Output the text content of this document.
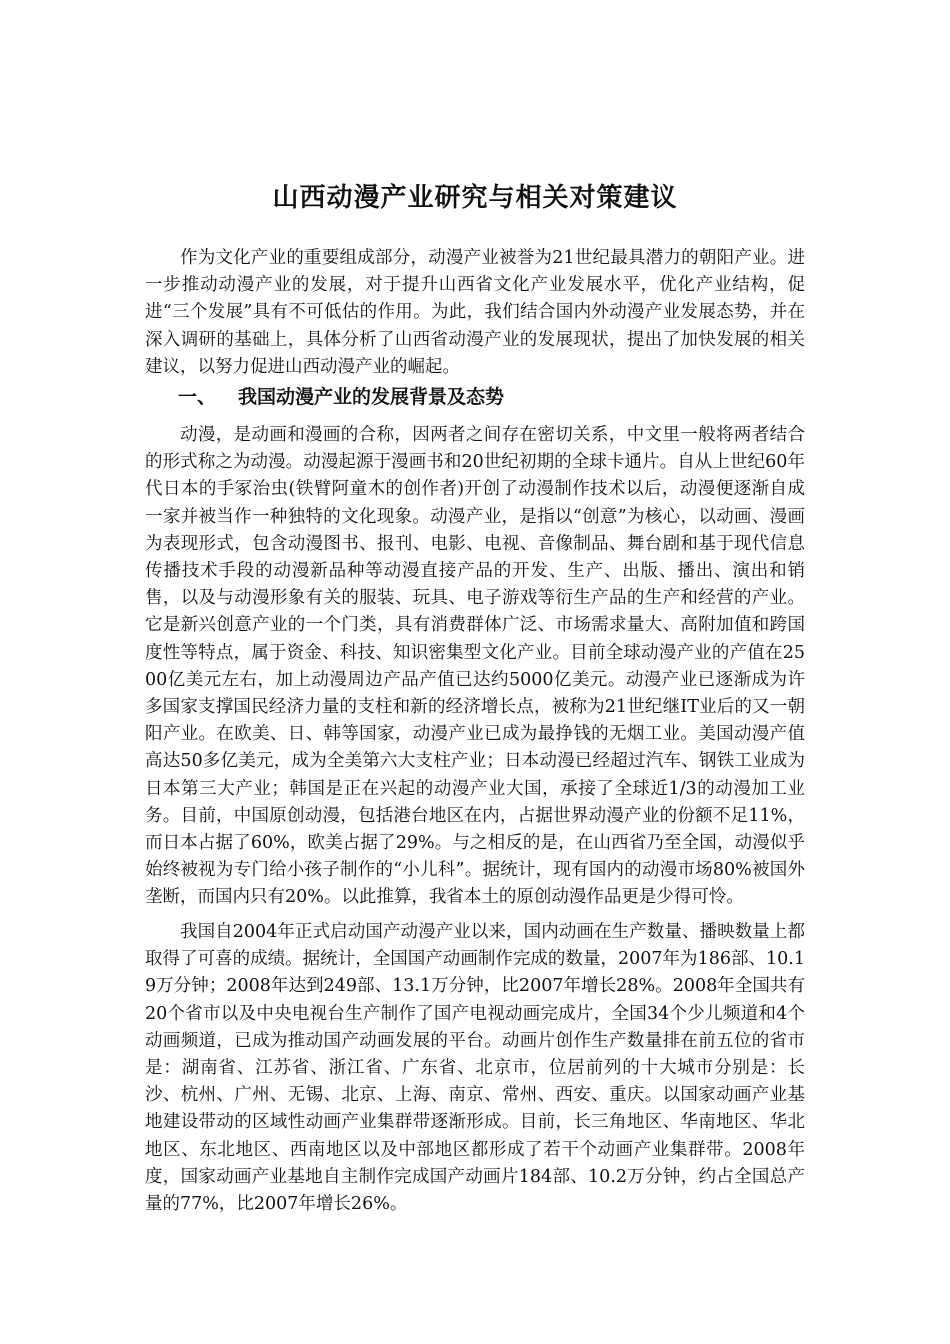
山西动漫产业研究与相关对策建议

作为文化产业的重要组成部分，动漫产业被誉为21世纪最具潜力的朝阳产业。进一步推动动漫产业的发展，对于提升山西省文化产业发展水平，优化产业结构，促进“三个发展”具有不可低估的作用。为此，我们结合国内外动漫产业发展态势，并在深入调研的基础上，具体分析了山西省动漫产业的发展现状，提出了加快发展的相关建议，以努力促进山西动漫产业的崛起。

一、 我国动漫产业的发展背景及态势

动漫，是动画和漫画的合称，因两者之间存在密切关系，中文里一般将两者结合的形式称之为动漫。动漫起源于漫画书和20世纪初期的全球卡通片。自从上世纪60年代日本的手冢治虫(铁臂阿童木的创作者)开创了动漫制作技术以后，动漫便逐渐自成一家并被当作一种独特的文化现象。动漫产业，是指以“创意”为核心，以动画、漫画为表现形式，包含动漫图书、报刊、电影、电视、音像制品、舞台剧和基于现代信息传播技术手段的动漫新品种等动漫直接产品的开发、生产、出版、播出、演出和销售，以及与动漫形象有关的服装、玩具、电子游戏等衍生产品的生产和经营的产业。它是新兴创意产业的一个门类，具有消费群体广泛、市场需求量大、高附加值和跨国度性等特点，属于资金、科技、知识密集型文化产业。目前全球动漫产业的产值在2500亿美元左右，加上动漫周边产品产值已达约5000亿美元。动漫产业已逐渐成为许多国家支撑国民经济力量的支柱和新的经济增长点，被称为21世纪继IT业后的又一朝阳产业。在欧美、日、韩等国家，动漫产业已成为最挣钱的无烟工业。美国动漫产值高达50多亿美元，成为全美第六大支柱产业；日本动漫已经超过汽车、钢铁工业成为日本第三大产业；韩国是正在兴起的动漫产业大国，承接了全球近1/3的动漫加工业务。目前，中国原创动漫，包括港台地区在内，占据世界动漫产业的份额不足11%，而日本占据了60%，欧美占据了29%。与之相反的是，在山西省乃至全国，动漫似乎始终被视为专门给小孩子制作的“小儿科”。据统计，现有国内的动漫市场80%被国外垄断，而国内只有20%。以此推算，我省本土的原创动漫作品更是少得可怜。

我国自2004年正式启动国产动漫产业以来，国内动画在生产数量、播映数量上都取得了可喜的成绩。据统计，全国国产动画制作完成的数量，2007年为186部、10.19万分钟；2008年达到249部、13.1万分钟，比2007年增长28%。2008年全国共有20个省市以及中央电视台生产制作了国产电视动画完成片，全国34个少儿频道和4个动画频道，已成为推动国产动画发展的平台。动画片创作生产数量排在前五位的省市是：湖南省、江苏省、浙江省、广东省、北京市，位居前列的十大城市分别是：长沙、杭州、广州、无锡、北京、上海、南京、常州、西安、重庆。以国家动画产业基地建设带动的区域性动画产业集群带逐渐形成。目前，长三角地区、华南地区、华北地区、东北地区、西南地区以及中部地区都形成了若干个动画产业集群带。2008年度，国家动画产业基地自主制作完成国产动画片184部、10.2万分钟，约占全国总产量的77%，比2007年增长26%。
